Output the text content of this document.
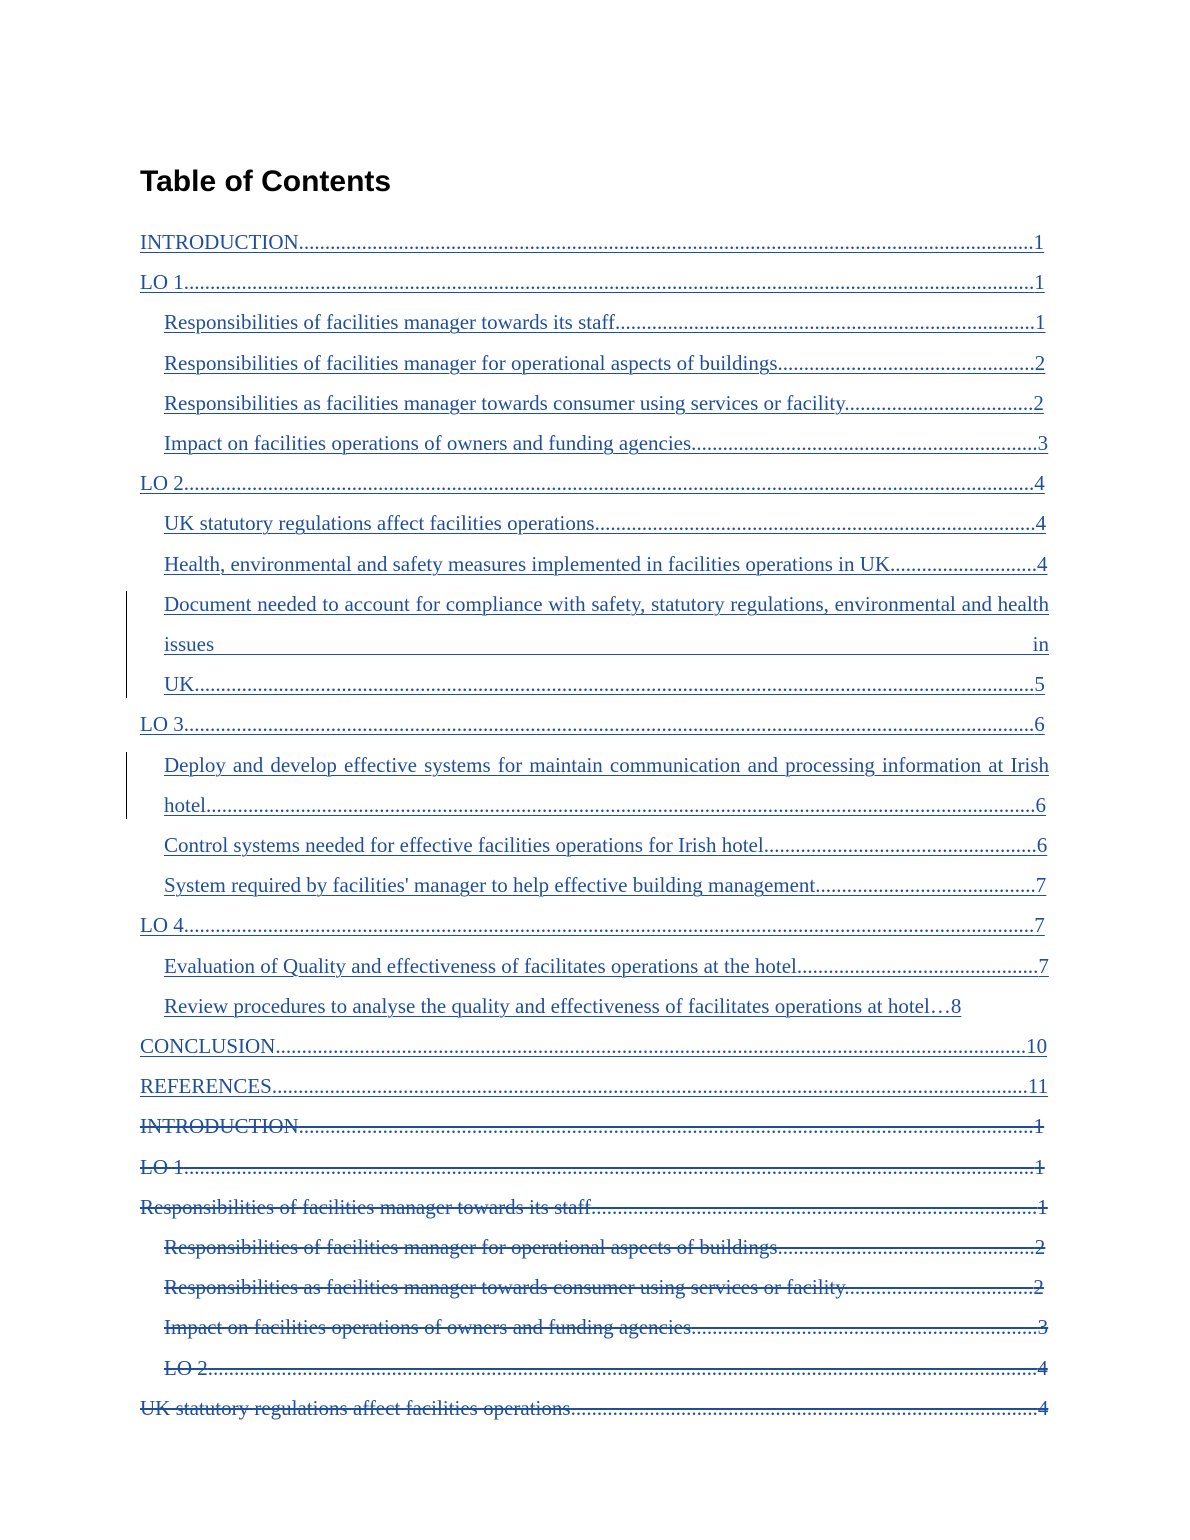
Table of Contents
INTRODUCTION............................................................................................................................................1
LO 1..................................................................................................................................................................1
Responsibilities of facilities manager towards its staff................................................................................1
Responsibilities of facilities manager for operational aspects of buildings.................................................2
Responsibilities as facilities manager towards consumer using services or facility....................................2
Impact on facilities operations of owners and funding agencies..................................................................3
LO 2..................................................................................................................................................................4
UK statutory regulations affect facilities operations....................................................................................4
Health, environmental and safety measures implemented in facilities operations in UK............................4
Document needed to account for compliance with safety, statutory regulations, environmental and health issues in UK................................................................................................................................................................5
LO 3..................................................................................................................................................................6
Deploy and develop effective systems for maintain communication and processing information at Irish hotel..............................................................................................................................................................6
Control systems needed for effective facilities operations for Irish hotel....................................................6
System required by facilities' manager to help effective building management..........................................7
LO 4..................................................................................................................................................................7
Evaluation of Quality and effectiveness of facilitates operations at the hotel..............................................7
Review procedures to analyse the quality and effectiveness of facilitates operations at hotel…8
CONCLUSION...............................................................................................................................................10
REFERENCES................................................................................................................................................11
INTRODUCTION............................................................................................................................................1
LO 1..................................................................................................................................................................1
Responsibilities of facilities manager towards its staff.....................................................................................1
Responsibilities of facilities manager for operational aspects of buildings.................................................2
Responsibilities as facilities manager towards consumer using services or facility....................................2
Impact on facilities operations of owners and funding agencies..................................................................3
LO 2..............................................................................................................................................................4
UK statutory regulations affect facilities operations.........................................................................................4
